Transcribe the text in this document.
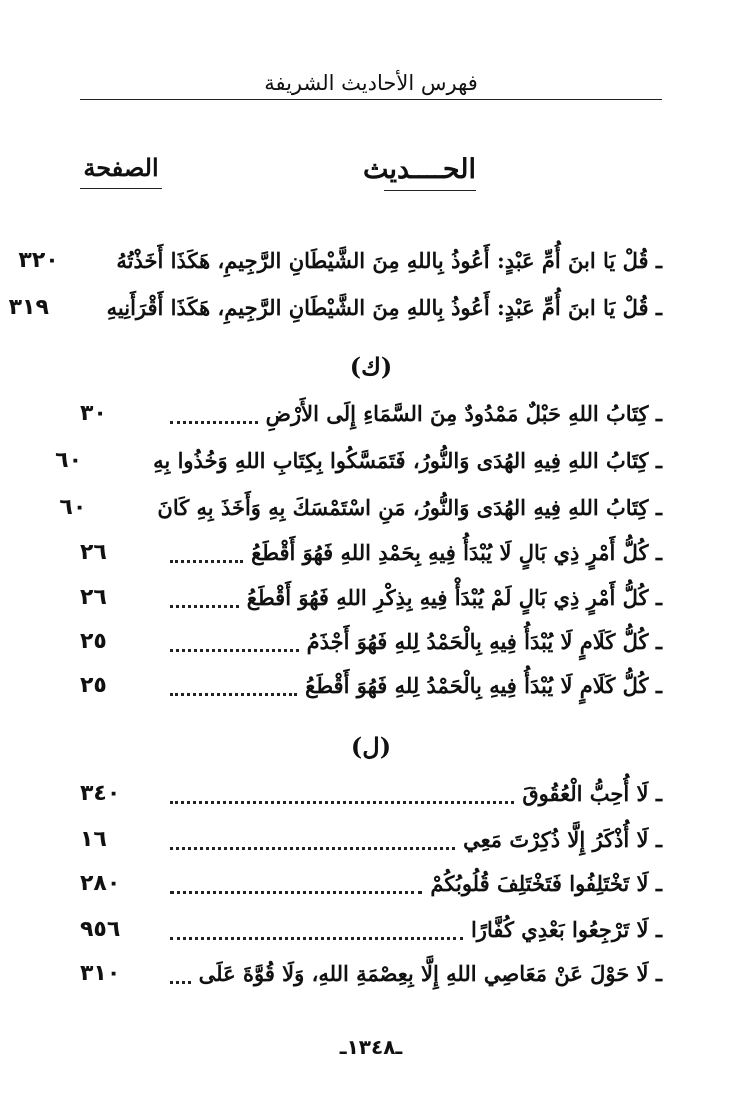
فهرس الأحاديث الشريفة
الحــــديث
الصفحة
ـ قُلْ يَا ابنَ أُمِّ عَبْدٍ: أَعُوذُ بِاللهِ مِنَ الشَّيْطَانِ الرَّجِيمِ، هَكَذَا أَخَذْتُهُ
٣٢٠
ـ قُلْ يَا ابنَ أُمِّ عَبْدٍ: أَعُوذُ بِاللهِ مِنَ الشَّيْطَانِ الرَّجِيمِ، هَكَذَا أَقْرَأَنِيهِ
٣١٩
(ك)
ـ كِتَابُ اللهِ حَبْلٌ مَمْدُودٌ مِنَ السَّمَاءِ إِلَى الأَرْضِ
٣٠
ـ كِتَابُ اللهِ فِيهِ الهُدَى وَالنُّورُ، فَتَمَسَّكُوا بِكِتَابِ اللهِ وَخُذُوا بِهِ
٦٠
ـ كِتَابُ اللهِ فِيهِ الهُدَى وَالنُّورُ، مَنِ اسْتَمْسَكَ بِهِ وَأَخَذَ بِهِ كَانَ
٦٠
ـ كُلُّ أَمْرٍ ذِي بَالٍ لَا يُبْدَأُ فِيهِ بِحَمْدِ اللهِ فَهُوَ أَقْطَعُ
٢٦
ـ كُلُّ أَمْرٍ ذِي بَالٍ لَمْ يُبْدَأْ فِيهِ بِذِكْرِ اللهِ فَهُوَ أَقْطَعُ
٢٦
ـ كُلُّ كَلَامٍ لَا يُبْدَأُ فِيهِ بِالْحَمْدُ لِلهِ فَهُوَ أَجْذَمُ
٢٥
ـ كُلُّ كَلَامٍ لَا يُبْدَأُ فِيهِ بِالْحَمْدُ لِلهِ فَهُوَ أَقْطَعُ
٢٥
(ل)
ـ لَا أُحِبُّ الْعُقُوقَ
٣٤٠
ـ لَا أُذْكَرُ إِلَّا ذُكِرْتَ مَعِي
١٦
ـ لَا تَخْتَلِفُوا فَتَخْتَلِفَ قُلُوبُكُمْ
٢٨٠
ـ لَا تَرْجِعُوا بَعْدِي كُفَّارًا
٩٥٦
ـ لَا حَوْلَ عَنْ مَعَاصِي اللهِ إِلَّا بِعِصْمَةِ اللهِ، وَلَا قُوَّةَ عَلَى
٣١٠
ـ١٣٤٨ـ
